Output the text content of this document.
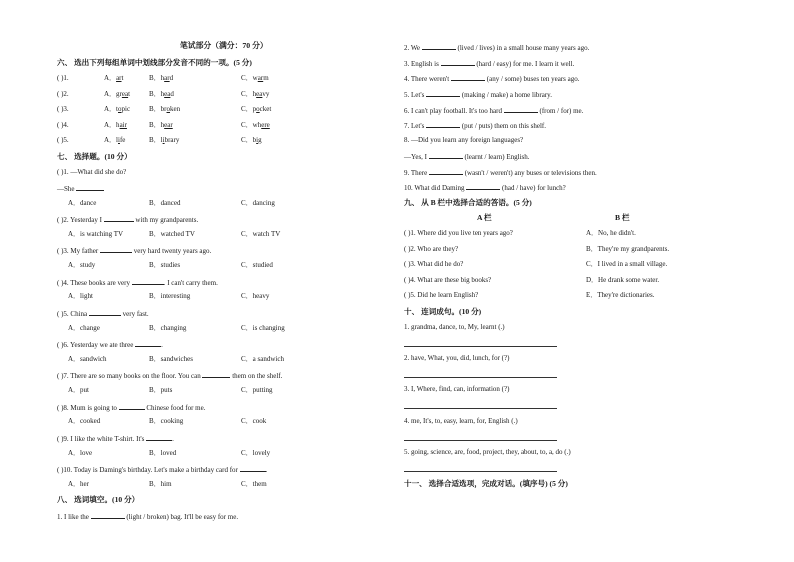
笔试部分（满分：70 分）
六、 选出下列每组单词中划线部分发音不同的一项。(5 分)
( )1.	A．art	B．hard	C．warm
( )2.	A．great	B．head	C．heavy
( )3.	A．topic	B．broken	C．pocket
( )4.	A．hair	B．hear	C．where
( )5.	A．life	B．library	C．big
七、 选择题。(10 分）
( )1. —What did she do?
—She
A．dance	B．danced	C．dancing
( )2. Yesterday I	with my grandparents.
A．is watching TV	B．watched TV	C．watch TV
( )3. My father	very hard twenty years ago.
A．study	B．studies	C．studied
( )4. These books are very	. I can't carry them.
A．light	B．interesting	C．heavy
( )5. China	very fast.
A．change	B．changing	C．is changing
( )6. Yesterday we ate three	.
A．sandwich	B．sandwiches	C．a sandwich
( )7. There are so many books on the floor. You can	them on the shelf.
A．put	B．puts	C．putting
( )8. Mum is going to	Chinese food for me.
A．cooked	B．cooking	C．cook
( )9. I like the white T-shirt. It's	.
A．love	B．loved	C．lovely
( )10. Today is Daming's birthday. Let's make a birthday card for	.
A．her	B．him	C．them
八、 选词填空。(10 分）
1. I like the	(light / broken) bag. It'll be easy for me.
2. We	(lived / lives) in a small house many years ago.
3. English is	(hard / easy) for me. I learn it well.
4. There weren't	(any / some) buses ten years ago.
5. Let's	(making / make) a home library.
6. I can't play football. It's too hard	(from / for) me.
7. Let's	(put / puts) them on this shelf.
8. —Did you learn any foreign languages?
—Yes, I	(learnt / learn) English.
9. There	(wasn't / weren't) any buses or televisions then.
10. What did Daming	(had / have) for lunch?
九、 从 B 栏中选择合适的答语。(5 分)
A 栏	B 栏
( )1. Where did you live ten years ago?	A．No, he didn't.
( )2. Who are they?	B．They're my grandparents.
( )3. What did he do?	C．I lived in a small village.
( )4. What are these big books?	D．He drank some water.
( )5. Did he learn English?	E．They're dictionaries.
十、 连词成句。(10 分)
1. grandma, dance, to, My, learnt (.)
2. have, What, you, did, lunch, for (?)
3. I, Where, find, can, information (?)
4. me, It's, to, easy, learn, for, English (.)
5. going, science, are, food, project, they, about, to, a, do (.)
十一、 选择合适选项，完成对话。(填序号) (5 分)
